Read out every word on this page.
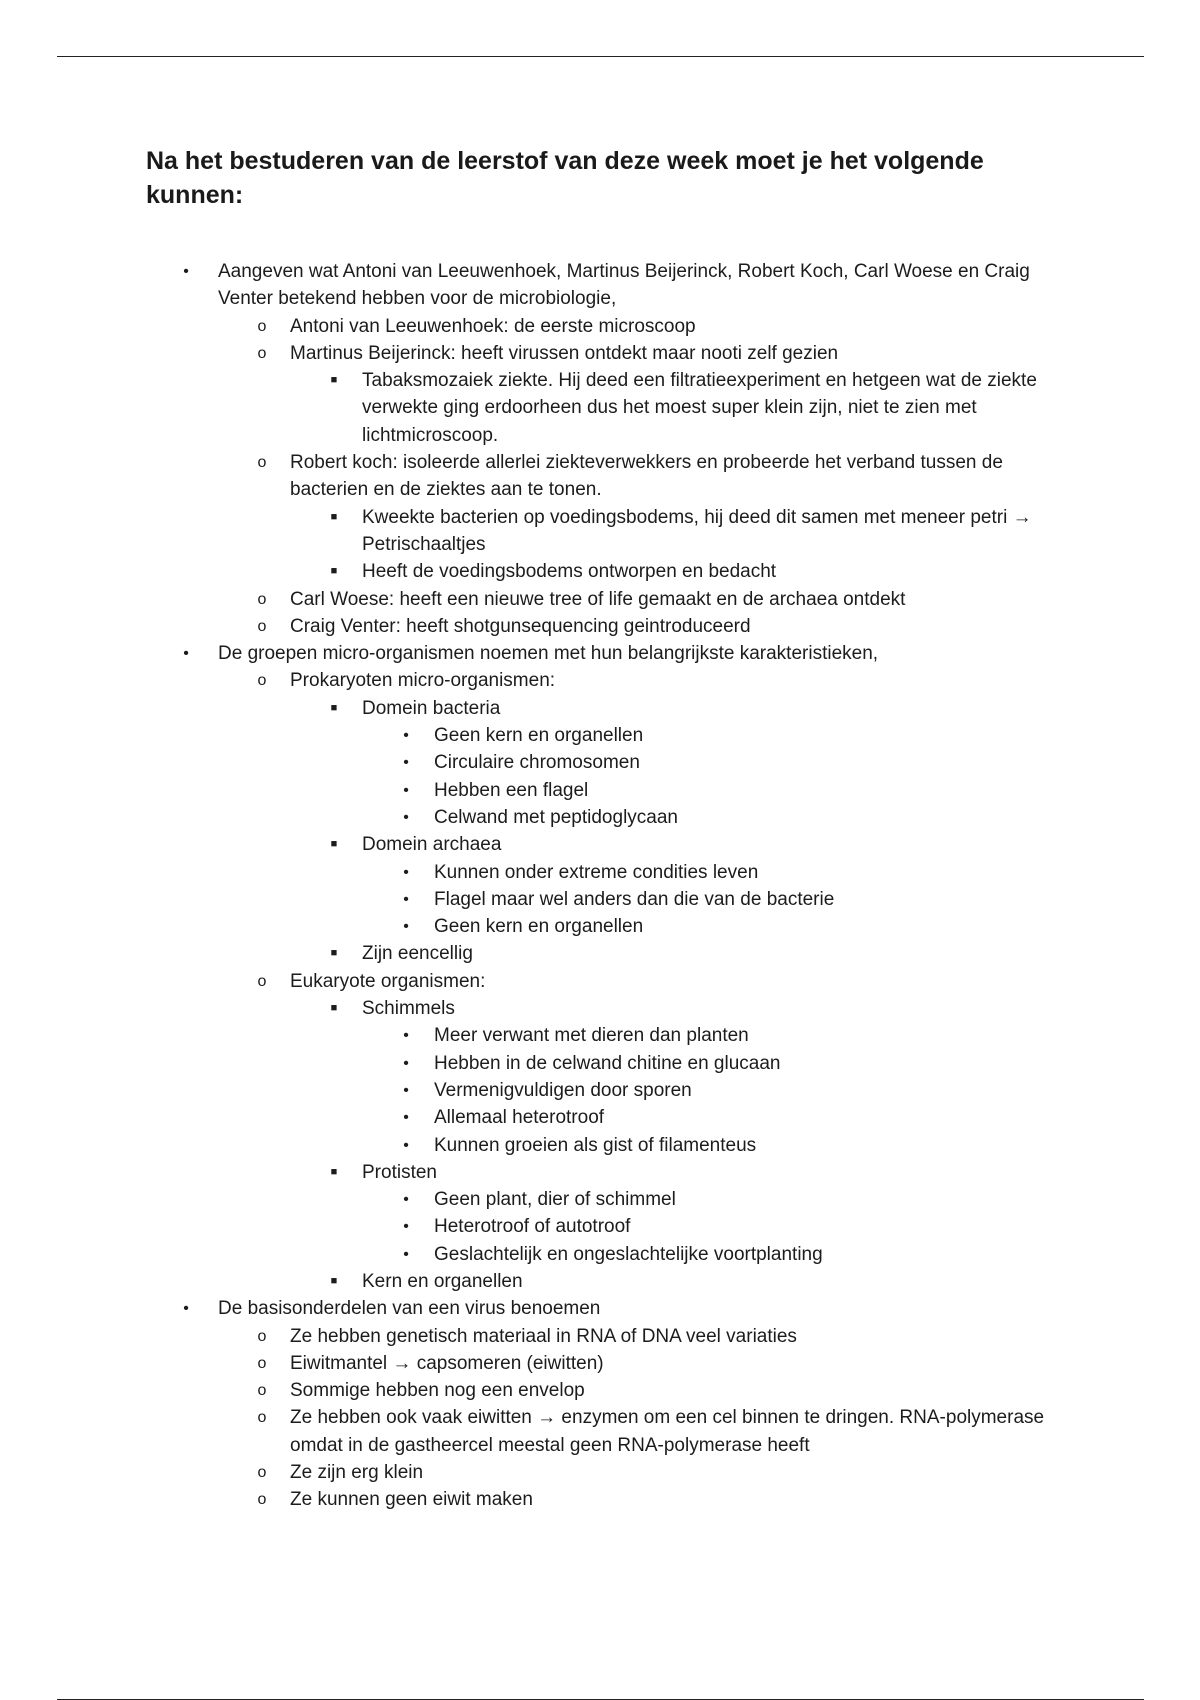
Na het bestuderen van de leerstof van deze week moet je het volgende kunnen:
•	Aangeven wat Antoni van Leeuwenhoek, Martinus Beijerinck, Robert Koch, Carl Woese en Craig Venter betekend hebben voor de microbiologie,
o Antoni van Leeuwenhoek: de eerste microscoop
o Martinus Beijerinck: heeft virussen ontdekt maar nooti zelf gezien
■	Tabaksmozaiek ziekte. Hij deed een filtratieexperiment en hetgeen wat de ziekte verwekte ging erdoorheen dus het moest super klein zijn, niet te zien met lichtmicroscoop.
o Robert koch: isoleerde allerlei ziekteverwekkers en probeerde het verband tussen de bacterien en de ziektes aan te tonen.
■	Kweekte bacterien op voedingsbodems, hij deed dit samen met meneer petri → Petrischaaltjes
■	Heeft de voedingsbodems ontworpen en bedacht
o Carl Woese: heeft een nieuwe tree of life gemaakt en de archaea ontdekt
o Craig Venter: heeft shotgunsequencing geintroduceerd
•	De groepen micro-organismen noemen met hun belangrijkste karakteristieken,
o Prokaryoten micro-organismen:
■	Domein bacteria
•	Geen kern en organellen
•	Circulaire chromosomen
•	Hebben een flagel
•	Celwand met peptidoglycaan
■	Domein archaea
•	Kunnen onder extreme condities leven
•	Flagel maar wel anders dan die van de bacterie
•	Geen kern en organellen
■	Zijn eencellig
o Eukaryote organismen:
■	Schimmels
•	Meer verwant met dieren dan planten
•	Hebben in de celwand chitine en glucaan
•	Vermenigvuldigen door sporen
•	Allemaal heterotroof
•	Kunnen groeien als gist of filamenteus
■	Protisten
•	Geen plant, dier of schimmel
•	Heterotroof of autotroof
•	Geslachtelijk en ongeslachtelijke voortplanting
■	Kern en organellen
•	De basisonderdelen van een virus benoemen
o Ze hebben genetisch materiaal in RNA of DNA veel variaties
o Eiwitmantel → capsomeren (eiwitten)
o Sommige hebben nog een envelop
o Ze hebben ook vaak eiwitten → enzymen om een cel binnen te dringen. RNA-polymerase omdat in de gastheercel meestal geen RNA-polymerase heeft
o Ze zijn erg klein
o Ze kunnen geen eiwit maken
